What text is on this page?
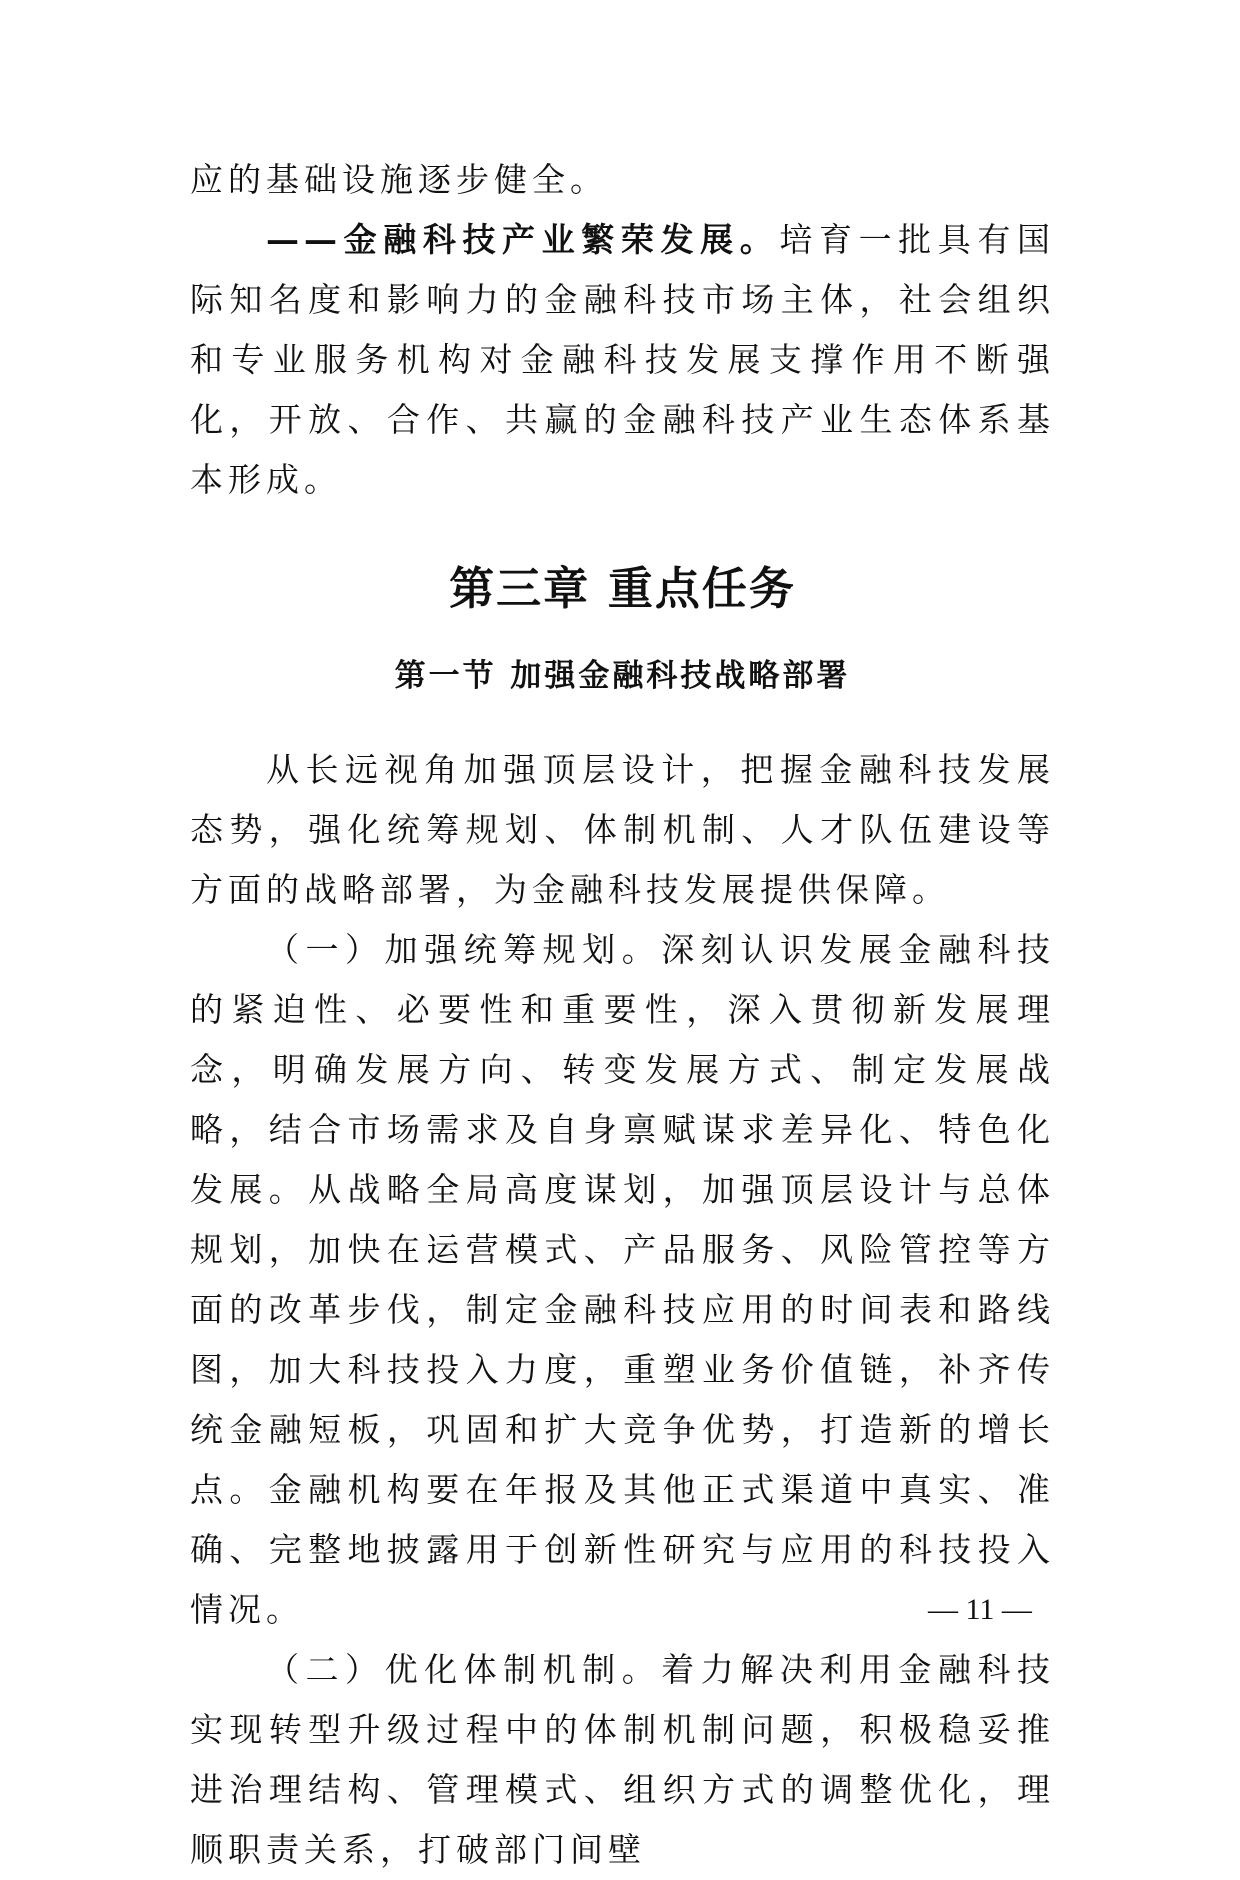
应的基础设施逐步健全。

——金融科技产业繁荣发展。培育一批具有国际知名度和影响力的金融科技市场主体，社会组织和专业服务机构对金融科技发展支撑作用不断强化，开放、合作、共赢的金融科技产业生态体系基本形成。

第三章 重点任务
第一节 加强金融科技战略部署

从长远视角加强顶层设计，把握金融科技发展态势，强化统筹规划、体制机制、人才队伍建设等方面的战略部署，为金融科技发展提供保障。

（一）加强统筹规划。深刻认识发展金融科技的紧迫性、必要性和重要性，深入贯彻新发展理念，明确发展方向、转变发展方式、制定发展战略，结合市场需求及自身禀赋谋求差异化、特色化发展。从战略全局高度谋划，加强顶层设计与总体规划，加快在运营模式、产品服务、风险管控等方面的改革步伐，制定金融科技应用的时间表和路线图，加大科技投入力度，重塑业务价值链，补齐传统金融短板，巩固和扩大竞争优势，打造新的增长点。金融机构要在年报及其他正式渠道中真实、准确、完整地披露用于创新性研究与应用的科技投入情况。

（二）优化体制机制。着力解决利用金融科技实现转型升级过程中的体制机制问题，积极稳妥推进治理结构、管理模式、组织方式的调整优化，理顺职责关系，打破部门间壁

— 11 —
